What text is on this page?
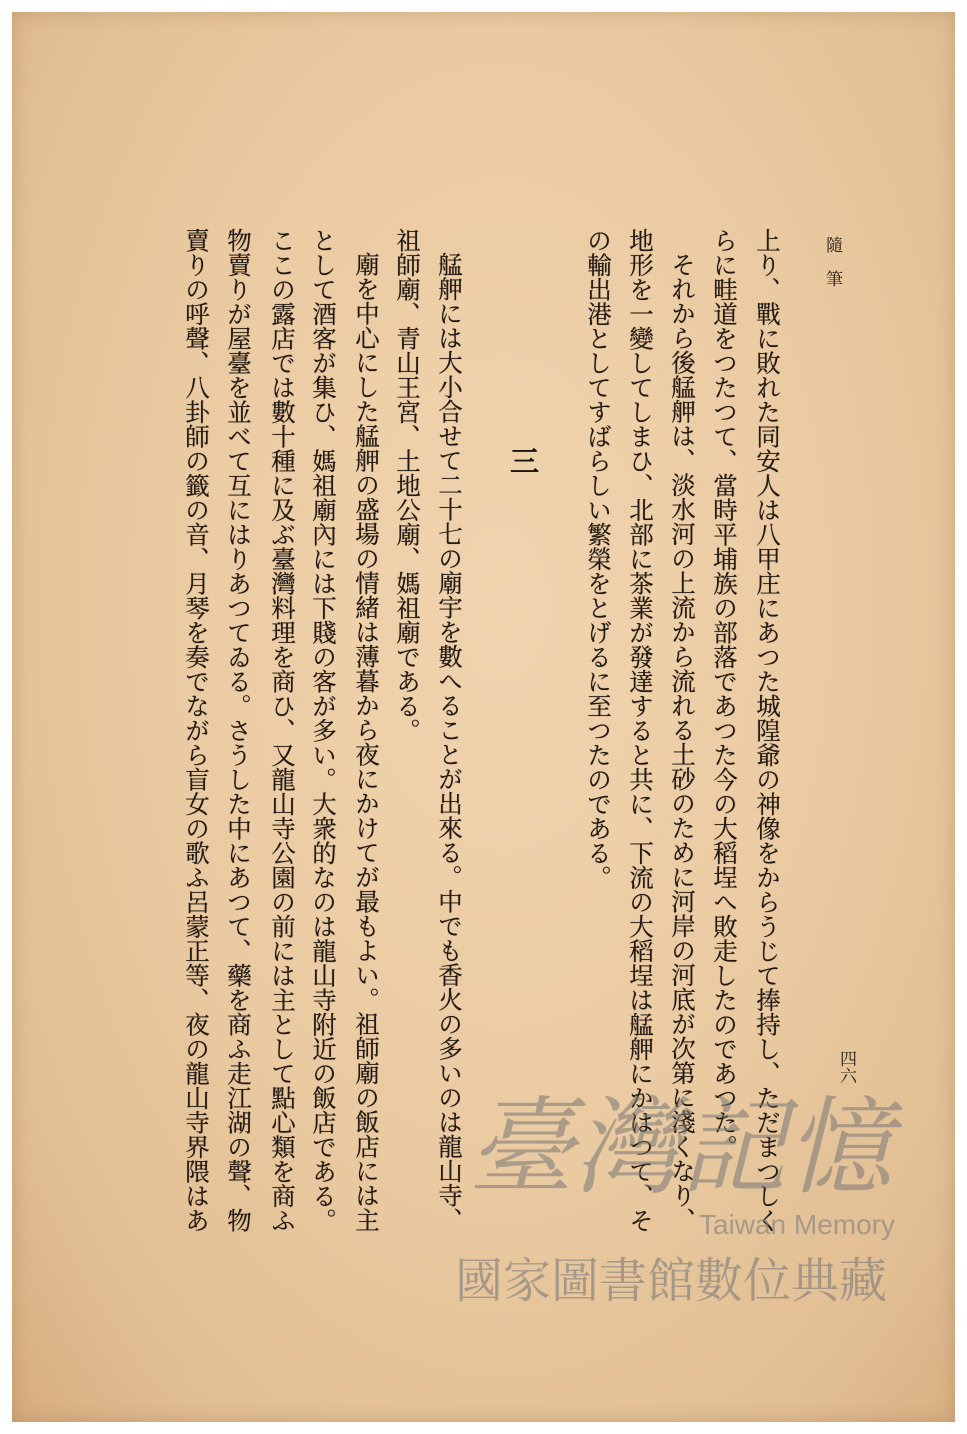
隨　筆
四六
上り、戰に敗れた同安人は八甲庄にあつた城隍爺の神像をからうじて捧持し、ただまつしく
らに畦道をつたつて、當時平埔族の部落であつた今の大稻埕へ敗走したのであつた。
それから後艋舺は、淡水河の上流から流れる土砂のために河岸の河底が次第に淺くなり、
地形を一變してしまひ、北部に茶業が發達すると共に、下流の大稻埕は艋舺にかはつて、そ
の輸出港としてすばらしい繁榮をとげるに至つたのである。
三
艋舺には大小合せて二十七の廟宇を數へることが出來る。中でも香火の多いのは龍山寺、
祖師廟、青山王宮、土地公廟、媽祖廟である。
廟を中心にした艋舺の盛場の情緒は薄暮から夜にかけてが最もよい。祖師廟の飯店には主
として酒客が集ひ、媽祖廟內には下賤の客が多い。大衆的なのは龍山寺附近の飯店である。
ここの露店では數十種に及ぶ臺灣料理を商ひ、又龍山寺公園の前には主として點心類を商ふ
物賣りが屋臺を並べて互にはりあつてゐる。さうした中にあつて、藥を商ふ走江湖の聲、物
賣りの呼聲、八卦師の籤の音、月琴を奏でながら盲女の歌ふ呂蒙正等、夜の龍山寺界隈はあ 臺灣記憶
Taiwan Memory
國家圖書館數位典藏
